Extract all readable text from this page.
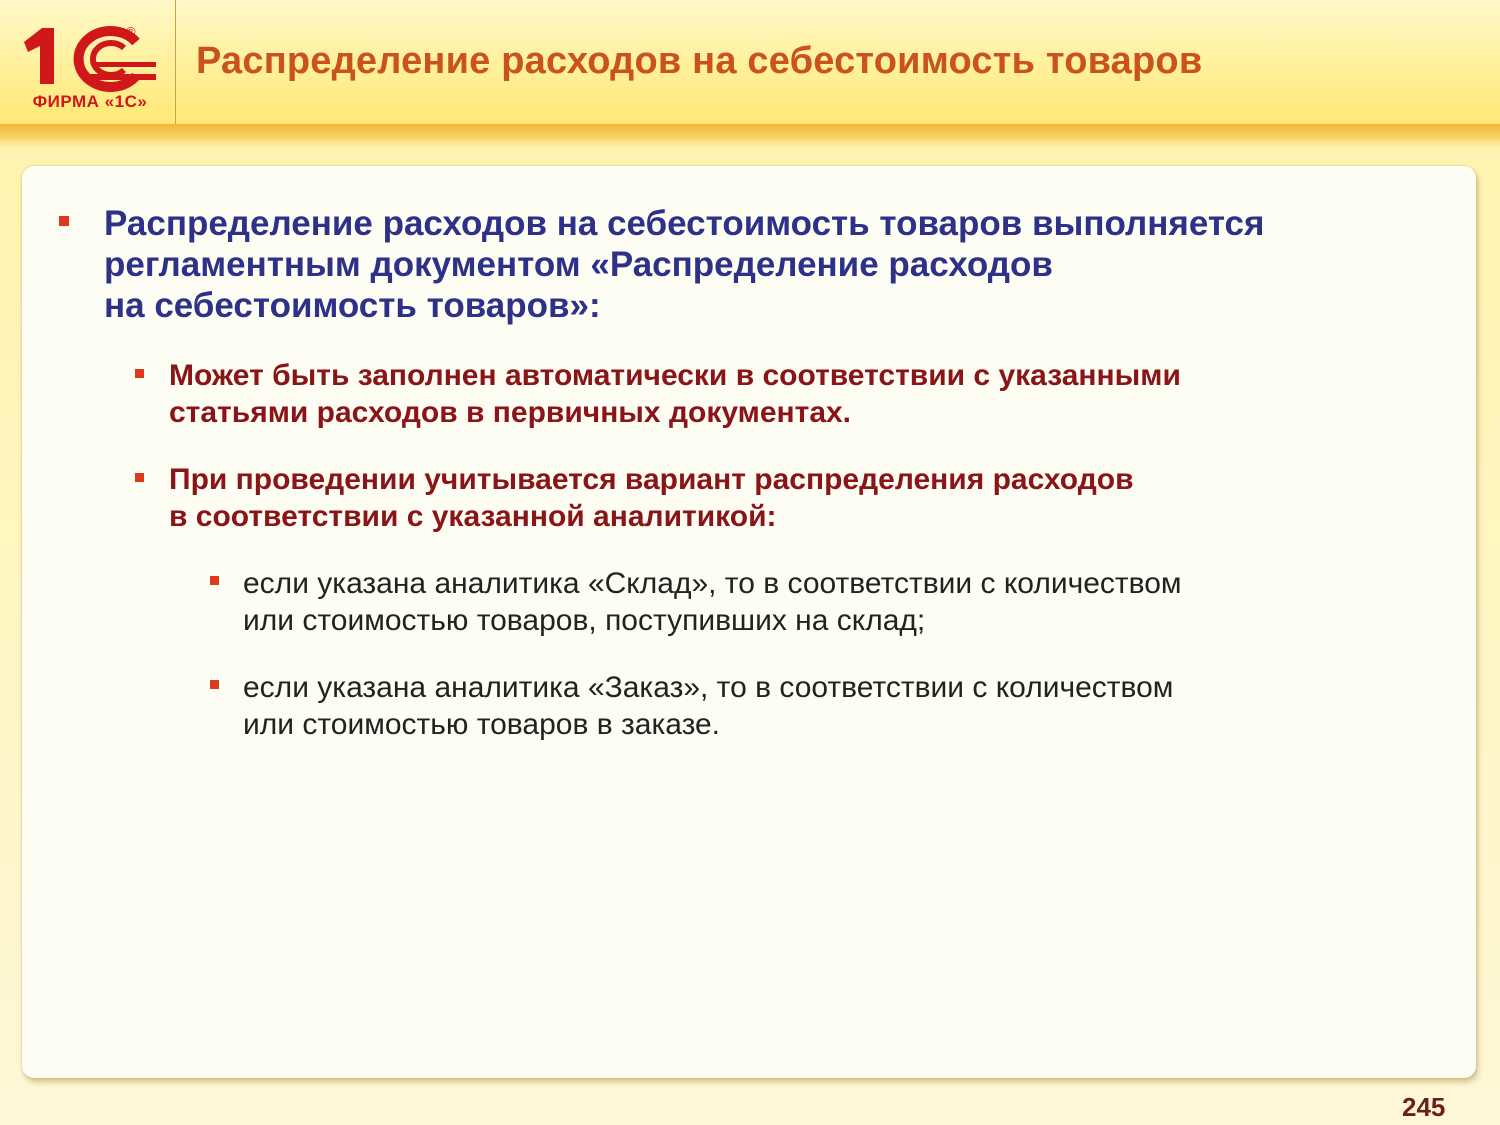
®
1С
ФИРМА «1С»
Распределение расходов на себестоимость товаров
Распределение расходов на себестоимость товаров выполняется
регламентным документом «Распределение расходов
на себестоимость товаров»:
Может быть заполнен автоматически в соответствии с указанными
статьями расходов в первичных документах.
При проведении учитывается вариант распределения расходов
в соответствии с указанной аналитикой:
если указана аналитика «Склад», то в соответствии с количеством
или стоимостью товаров, поступивших на склад;
если указана аналитика «Заказ», то в соответствии с количеством
или стоимостью товаров в заказе.

245
